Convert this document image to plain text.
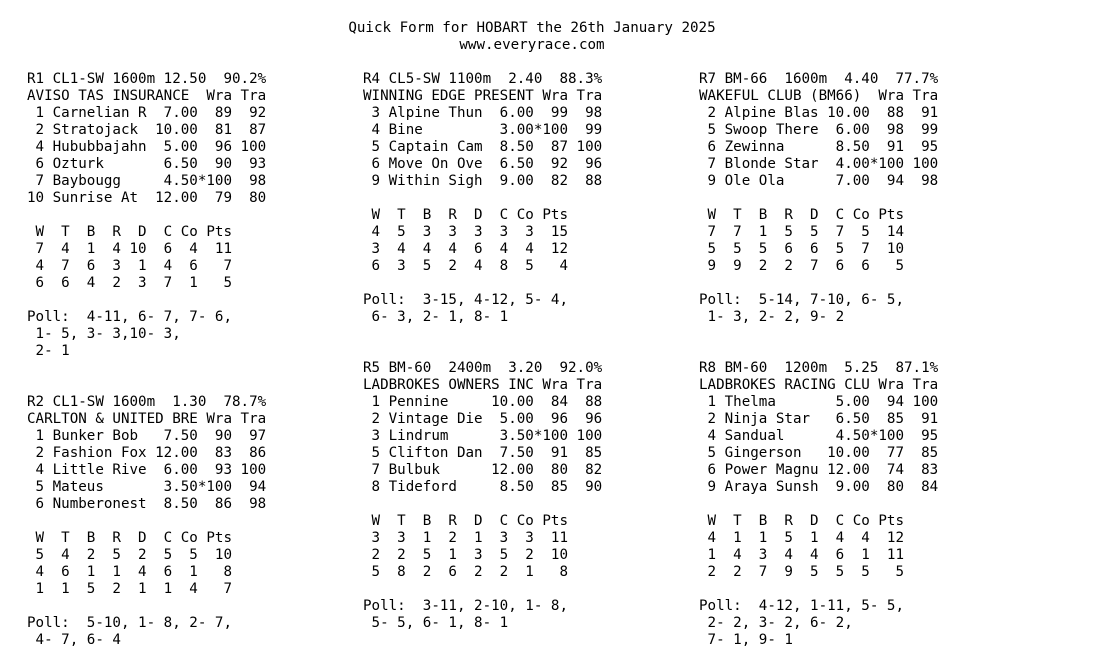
Quick Form for HOBART the 26th January 2025
www.everyrace.com
R1 CL1-SW 1600m 12.50  90.2%
AVISO TAS INSURANCE  Wra Tra
1 Carnelian R  7.00  89  92
2 Stratojack  10.00  81  87
4 Hububbajahn  5.00  96 100
6 Ozturk       6.50  90  93
7 Baybougg     4.50*100  98
10 Sunrise At  12.00  79  80
W  T  B  R  D  C Co Pts
7  4  1  4 10  6  4  11
4  7  6  3  1  4  6   7
6  6  4  2  3  7  1   5
Poll:  4-11, 6- 7, 7- 6,
1- 5, 3- 3,10- 3,
2- 1
R2 CL1-SW 1600m  1.30  78.7%
CARLTON & UNITED BRE Wra Tra
1 Bunker Bob   7.50  90  97
2 Fashion Fox 12.00  83  86
4 Little Rive  6.00  93 100
5 Mateus       3.50*100  94
6 Numberonest  8.50  86  98
W  T  B  R  D  C Co Pts
5  4  2  5  2  5  5  10
4  6  1  1  4  6  1   8
1  1  5  2  1  1  4   7
Poll:  5-10, 1- 8, 2- 7,
4- 7, 6- 4
R4 CL5-SW 1100m  2.40  88.3%
WINNING EDGE PRESENT Wra Tra
3 Alpine Thun  6.00  99  98
4 Bine         3.00*100  99
5 Captain Cam  8.50  87 100
6 Move On Ove  6.50  92  96
9 Within Sigh  9.00  82  88
W  T  B  R  D  C Co Pts
4  5  3  3  3  3  3  15
3  4  4  4  6  4  4  12
6  3  5  2  4  8  5   4
Poll:  3-15, 4-12, 5- 4,
6- 3, 2- 1, 8- 1
R5 BM-60  2400m  3.20  92.0%
LADBROKES OWNERS INC Wra Tra
1 Pennine     10.00  84  88
2 Vintage Die  5.00  96  96
3 Lindrum      3.50*100 100
5 Clifton Dan  7.50  91  85
7 Bulbuk      12.00  80  82
8 Tideford     8.50  85  90
W  T  B  R  D  C Co Pts
3  3  1  2  1  3  3  11
2  2  5  1  3  5  2  10
5  8  2  6  2  2  1   8
Poll:  3-11, 2-10, 1- 8,
5- 5, 6- 1, 8- 1
R7 BM-66  1600m  4.40  77.7%
WAKEFUL CLUB (BM66)  Wra Tra
2 Alpine Blas 10.00  88  91
5 Swoop There  6.00  98  99
6 Zewinna      8.50  91  95
7 Blonde Star  4.00*100 100
9 Ole Ola      7.00  94  98
W  T  B  R  D  C Co Pts
7  7  1  5  5  7  5  14
5  5  5  6  6  5  7  10
9  9  2  2  7  6  6   5
Poll:  5-14, 7-10, 6- 5,
1- 3, 2- 2, 9- 2
R8 BM-60  1200m  5.25  87.1%
LADBROKES RACING CLU Wra Tra
1 Thelma       5.00  94 100
2 Ninja Star   6.50  85  91
4 Sandual      4.50*100  95
5 Gingerson   10.00  77  85
6 Power Magnu 12.00  74  83
9 Araya Sunsh  9.00  80  84
W  T  B  R  D  C Co Pts
4  1  1  5  1  4  4  12
1  4  3  4  4  6  1  11
2  2  7  9  5  5  5   5
Poll:  4-12, 1-11, 5- 5,
2- 2, 3- 2, 6- 2,
7- 1, 9- 1
